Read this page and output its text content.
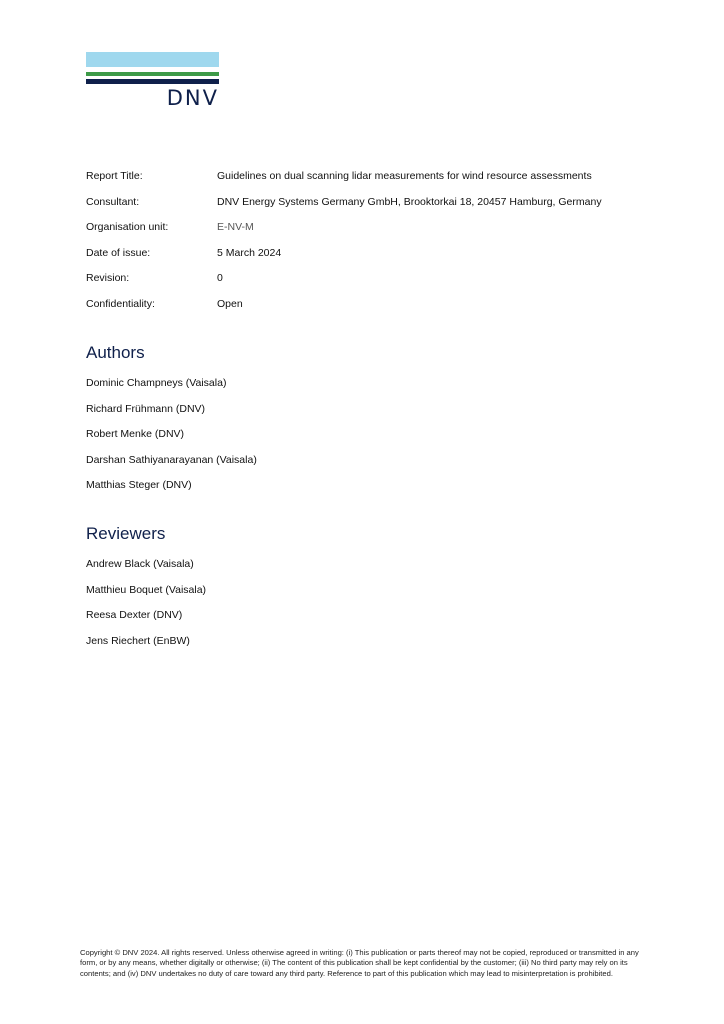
DNV
Report Title:	Guidelines on dual scanning lidar measurements for wind resource assessments
Consultant:	DNV Energy Systems Germany GmbH, Brooktorkai 18, 20457 Hamburg, Germany
Organisation unit:	E-NV-M
Date of issue:	5 March 2024
Revision:	0
Confidentiality:	Open
Authors
Dominic Champneys (Vaisala)
Richard Frühmann (DNV)
Robert Menke (DNV)
Darshan Sathiyanarayanan (Vaisala)
Matthias Steger (DNV)
Reviewers
Andrew Black (Vaisala)
Matthieu Boquet (Vaisala)
Reesa Dexter (DNV)
Jens Riechert (EnBW)

Copyright © DNV 2024. All rights reserved. Unless otherwise agreed in writing: (i) This publication or parts thereof may not be copied, reproduced or transmitted in any form, or by any means, whether digitally or otherwise; (ii) The content of this publication shall be kept confidential by the customer; (iii) No third party may rely on its contents; and (iv) DNV undertakes no duty of care toward any third party. Reference to part of this publication which may lead to misinterpretation is prohibited.
